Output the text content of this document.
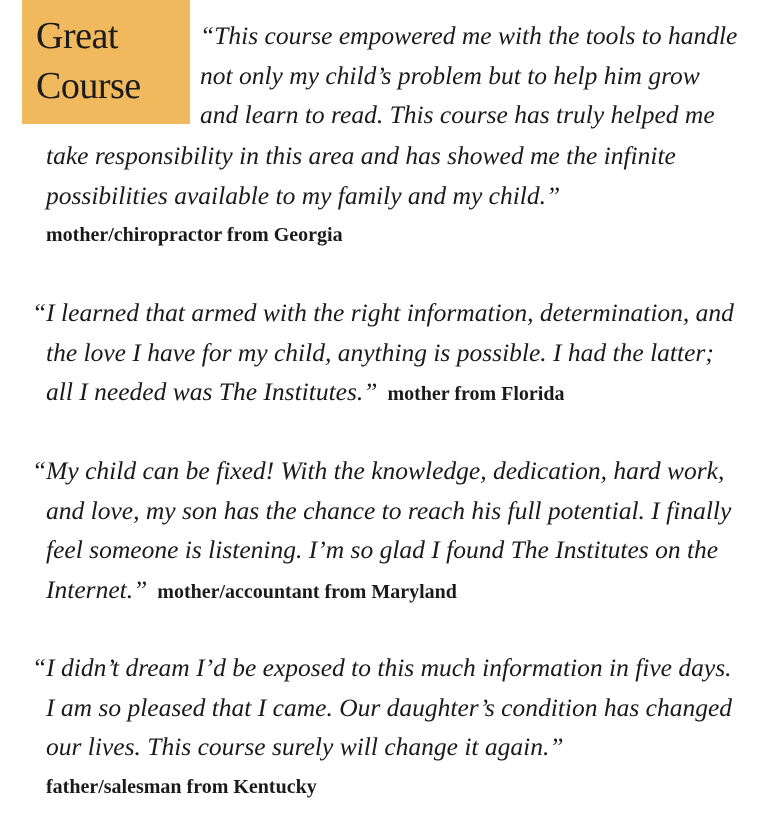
Great
Course
“This course empowered me with the tools to handle
not only my child’s problem but to help him grow
and learn to read. This course has truly helped me
take responsibility in this area and has showed me the infinite
possibilities available to my family and my child.”
mother/chiropractor from Georgia
“I learned that armed with the right information, determination, and
the love I have for my child, anything is possible. I had the latter;
all I needed was The Institutes.” mother from Florida
“My child can be fixed! With the knowledge, dedication, hard work,
and love, my son has the chance to reach his full potential. I finally
feel someone is listening. I’m so glad I found The Institutes on the
Internet.” mother/accountant from Maryland
“I didn’t dream I’d be exposed to this much information in five days.
I am so pleased that I came. Our daughter’s condition has changed
our lives. This course surely will change it again.”
father/salesman from Kentucky
